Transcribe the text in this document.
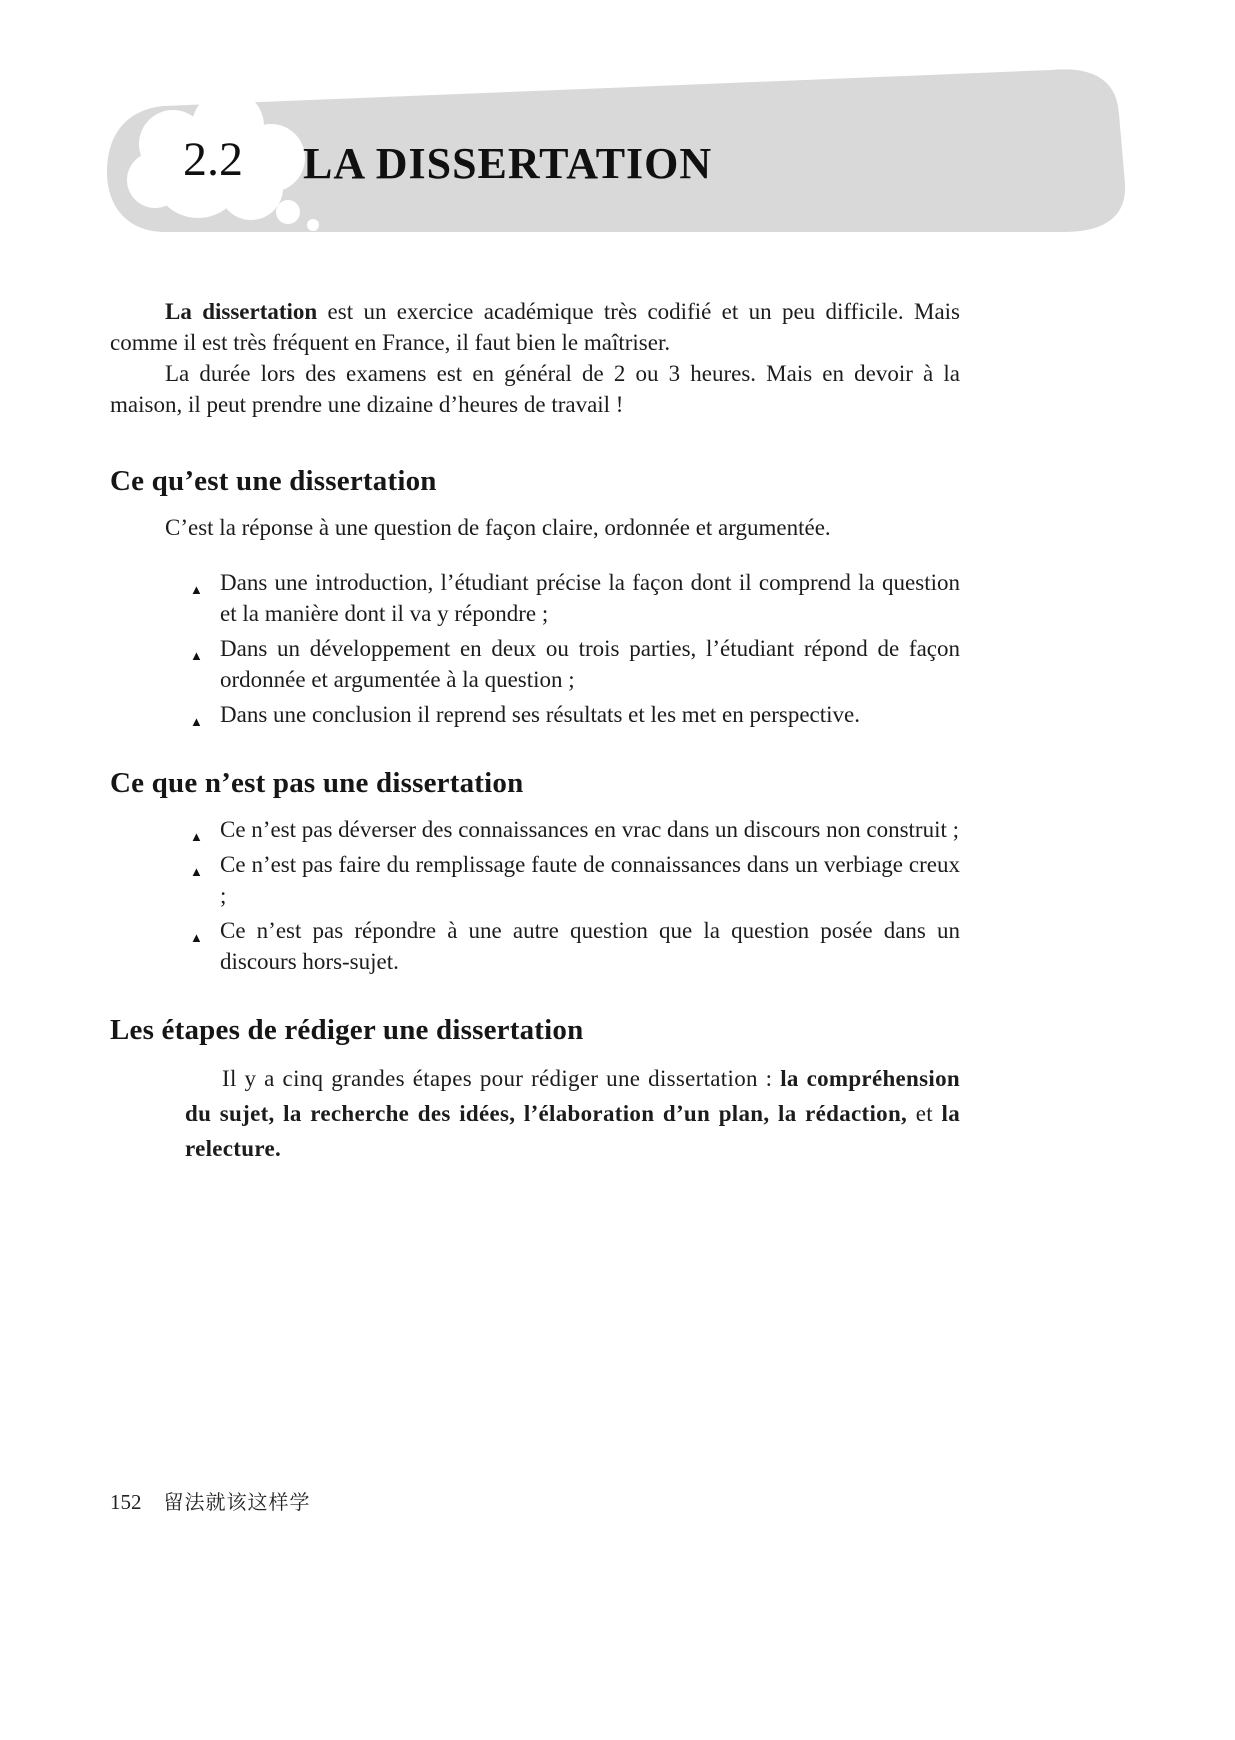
2.2	LA DISSERTATION

La dissertation est un exercice académique très codifié et un peu difficile. Mais comme il est très fréquent en France, il faut bien le maîtriser.

La durée lors des examens est en général de 2 ou 3 heures. Mais en devoir à la maison, il peut prendre une dizaine d’heures de travail !

Ce qu’est une dissertation

C’est la réponse à une question de façon claire, ordonnée et argumentée.

▲ Dans une introduction, l’étudiant précise la façon dont il comprend la question et la manière dont il va y répondre ;
▲ Dans un développement en deux ou trois parties, l’étudiant répond de façon ordonnée et argumentée à la question ;
▲ Dans une conclusion il reprend ses résultats et les met en perspective.
Ce que n’est pas une dissertation
▲ Ce n’est pas déverser des connaissances en vrac dans un discours non construit ;
▲ Ce n’est pas faire du remplissage faute de connaissances dans un verbiage creux ;
▲ Ce n’est pas répondre à une autre question que la question posée dans un discours hors-sujet.
Les étapes de rédiger une dissertation

Il y a cinq grandes étapes pour rédiger une dissertation : la compréhension du sujet, la recherche des idées, l’élaboration d’un plan, la rédaction, et la relecture.

152 留法就该这样学
